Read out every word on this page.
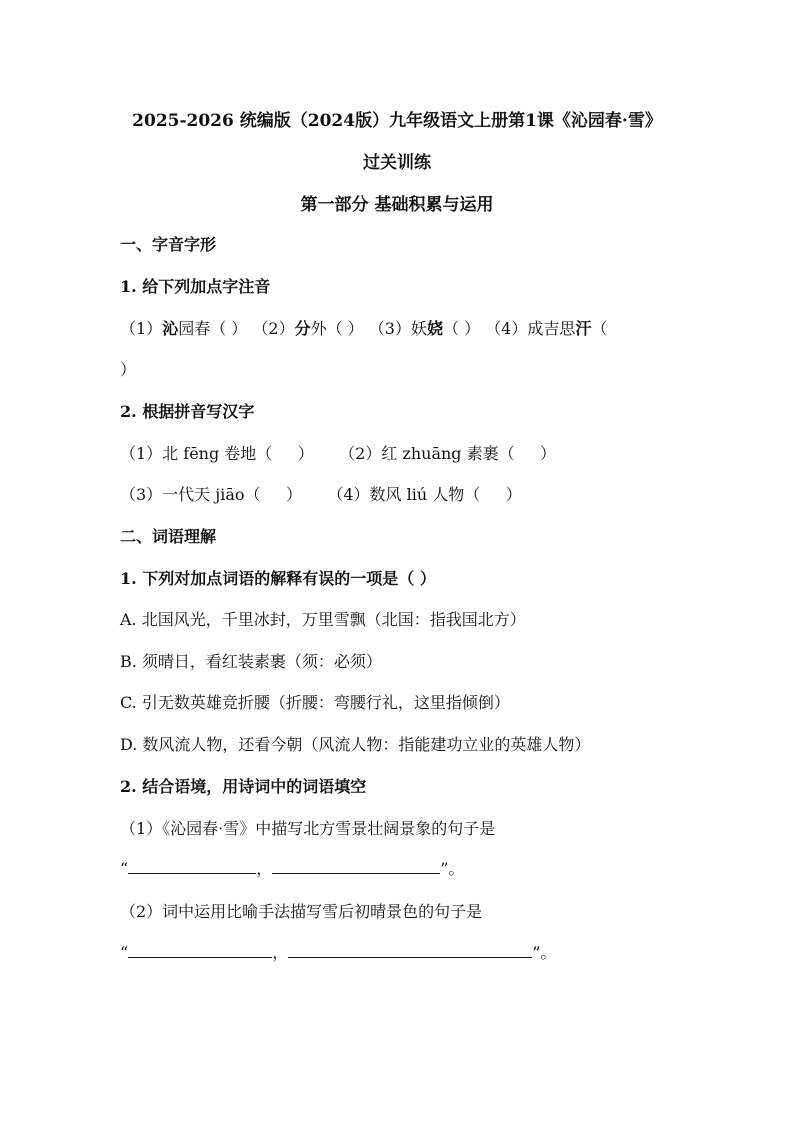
2025-2026 统编版（2024版）九年级语文上册第1课《沁园春·雪》
过关训练
第一部分 基础积累与运用
一、字音字形
1. 给下列加点字注音
（1）沁园春（ ） （2）分外（ ） （3）妖娆（ ） （4）成吉思汗（
）
2. 根据拼音写汉字
（1）北 fēng 卷地（     ）     （2）红 zhuāng 素裹（     ）
（3）一代天 jiāo（     ）     （4）数风 liú 人物（     ）
二、词语理解
1. 下列对加点词语的解释有误的一项是（ ）
A. 北国风光，千里冰封，万里雪飘（北国：指我国北方）
B. 须晴日，看红装素裹（须：必须）
C. 引无数英雄竞折腰（折腰：弯腰行礼，这里指倾倒）
D. 数风流人物，还看今朝（风流人物：指能建功立业的英雄人物）
2. 结合语境，用诗词中的词语填空
（1）《沁园春·雪》中描写北方雪景壮阔景象的句子是
“	，	”。
（2）词中运用比喻手法描写雪后初晴景色的句子是
“	，	”。
